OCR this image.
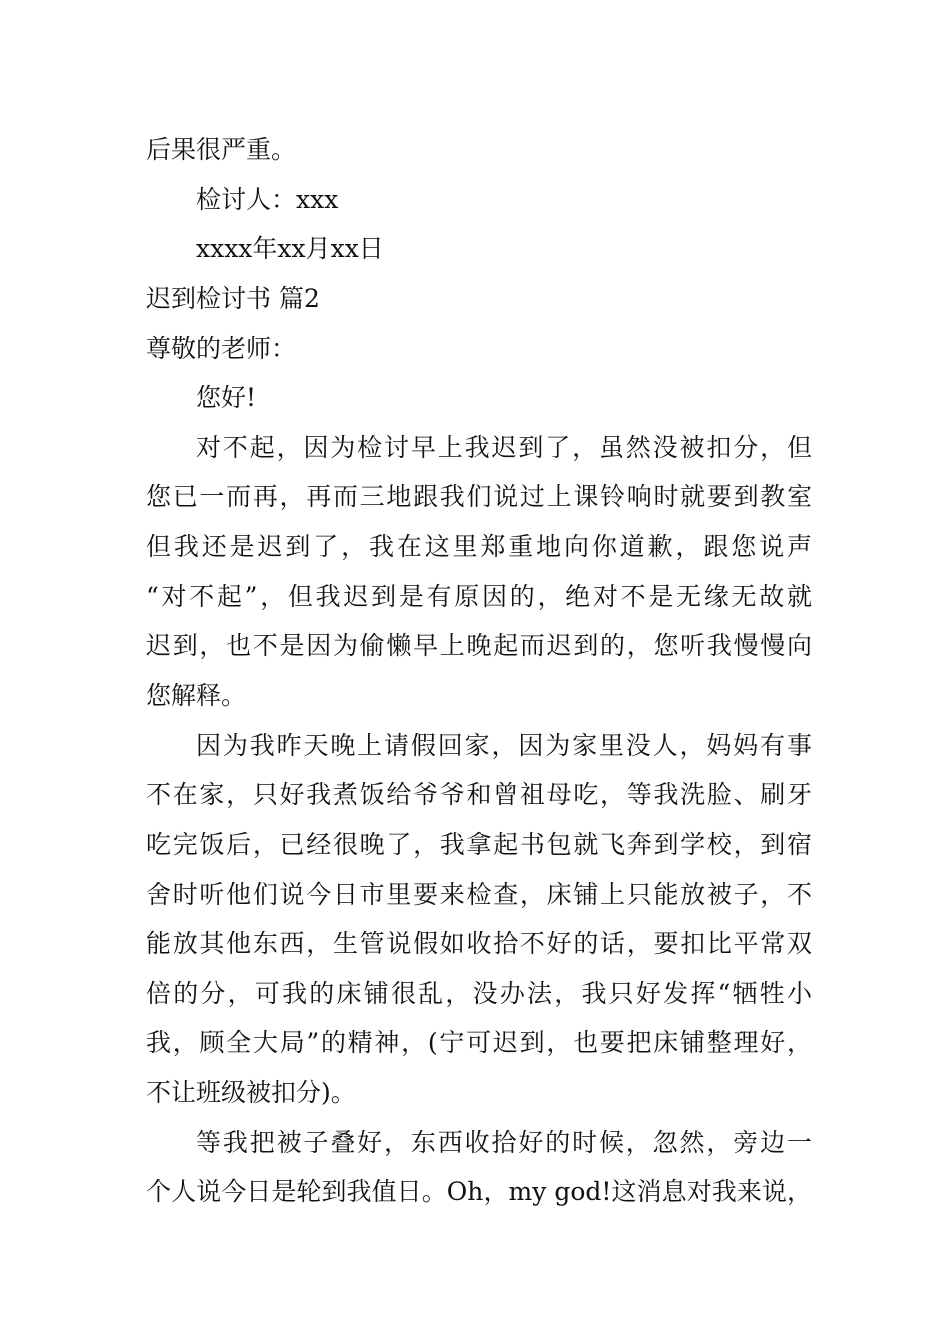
后果很严重。
检讨人：xxx
xxxx年xx月xx日
迟到检讨书 篇2
尊敬的老师：
您好!
对不起，因为检讨早上我迟到了，虽然没被扣分，但
您已一而再，再而三地跟我们说过上课铃响时就要到教室
但我还是迟到了，我在这里郑重地向你道歉，跟您说声
“对不起”，但我迟到是有原因的，绝对不是无缘无故就
迟到，也不是因为偷懒早上晚起而迟到的，您听我慢慢向
您解释。
因为我昨天晚上请假回家，因为家里没人，妈妈有事
不在家，只好我煮饭给爷爷和曾祖母吃，等我洗脸、刷牙
吃完饭后，已经很晚了，我拿起书包就飞奔到学校，到宿
舍时听他们说今日市里要来检查，床铺上只能放被子，不
能放其他东西，生管说假如收拾不好的话，要扣比平常双
倍的分，可我的床铺很乱，没办法，我只好发挥“牺牲小
我，顾全大局”的精神，(宁可迟到，也要把床铺整理好，
不让班级被扣分)。
等我把被子叠好，东西收拾好的时候，忽然，旁边一
个人说今日是轮到我值日。Oh，my god!这消息对我来说，
